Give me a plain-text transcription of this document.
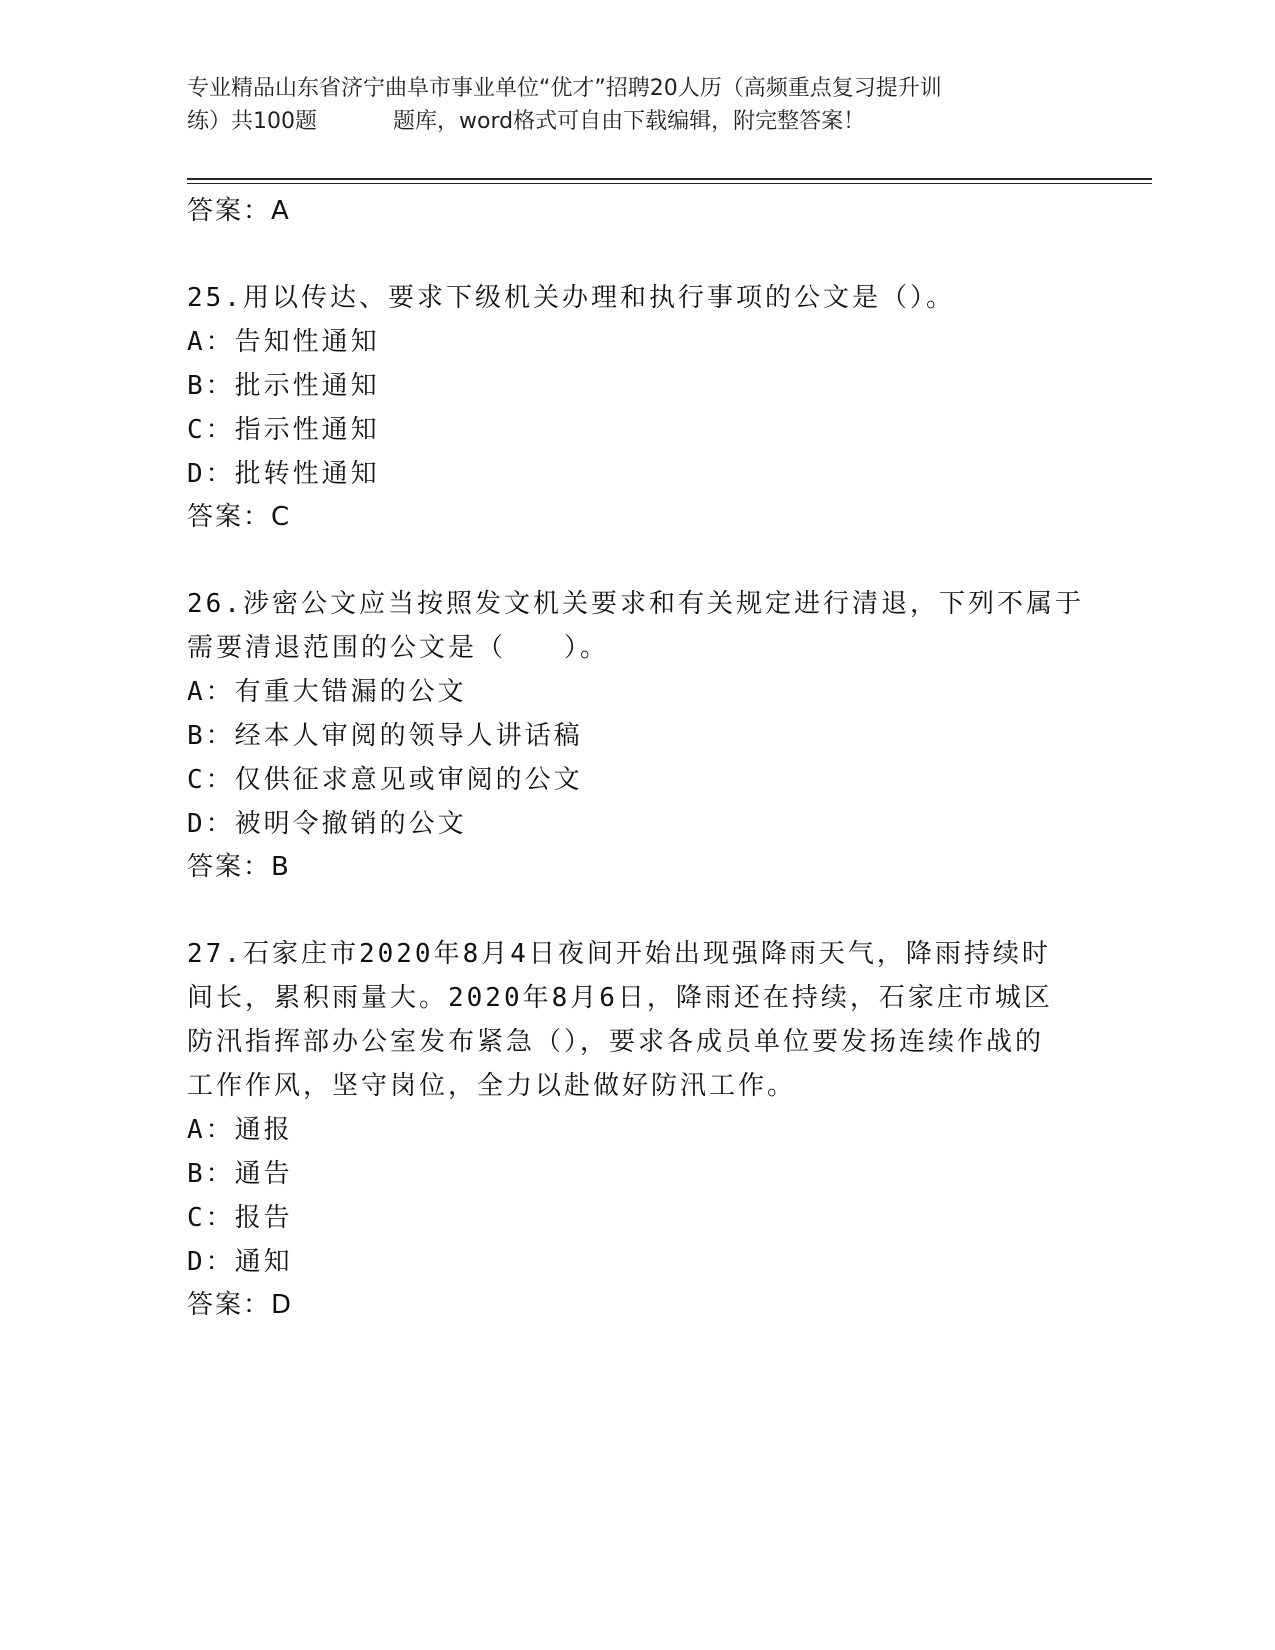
专业精品山东省济宁曲阜市事业单位“优才”招聘20人历（高频重点复习提升训
练）共100题	题库，word格式可自由下载编辑，附完整答案！
答案：A
25.用以传达、要求下级机关办理和执行事项的公文是（）。
A：告知性通知
B：批示性通知
C：指示性通知
D：批转性通知
答案：C
26.涉密公文应当按照发文机关要求和有关规定进行清退，下列不属于
需要清退范围的公文是（　　）。
A：有重大错漏的公文
B：经本人审阅的领导人讲话稿
C：仅供征求意见或审阅的公文
D：被明令撤销的公文
答案：B
27.石家庄市2020年8月4日夜间开始出现强降雨天气，降雨持续时
间长，累积雨量大。2020年8月6日，降雨还在持续，石家庄市城区
防汛指挥部办公室发布紧急（），要求各成员单位要发扬连续作战的
工作作风，坚守岗位，全力以赴做好防汛工作。
A：通报
B：通告
C：报告
D：通知
答案：D
